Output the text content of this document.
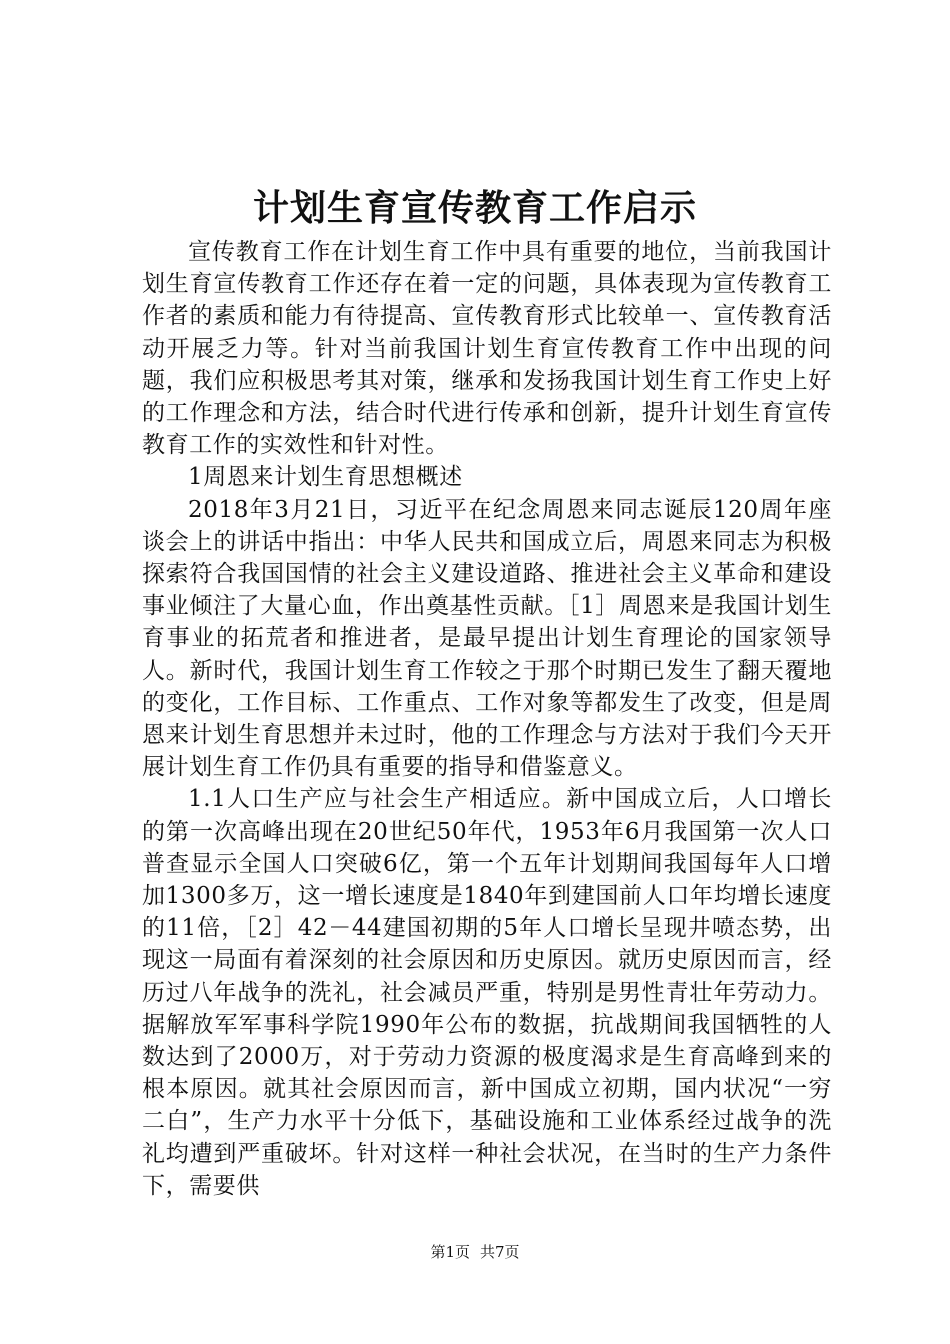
计划生育宣传教育工作启示

宣传教育工作在计划生育工作中具有重要的地位，当前我国计划生育宣传教育工作还存在着一定的问题，具体表现为宣传教育工作者的素质和能力有待提高、宣传教育形式比较单一、宣传教育活动开展乏力等。针对当前我国计划生育宣传教育工作中出现的问题，我们应积极思考其对策，继承和发扬我国计划生育工作史上好的工作理念和方法，结合时代进行传承和创新，提升计划生育宣传教育工作的实效性和针对性。

1周恩来计划生育思想概述

2018年3月21日，习近平在纪念周恩来同志诞辰120周年座谈会上的讲话中指出：中华人民共和国成立后，周恩来同志为积极探索符合我国国情的社会主义建设道路、推进社会主义革命和建设事业倾注了大量心血，作出奠基性贡献。［1］周恩来是我国计划生育事业的拓荒者和推进者，是最早提出计划生育理论的国家领导人。新时代，我国计划生育工作较之于那个时期已发生了翻天覆地的变化，工作目标、工作重点、工作对象等都发生了改变，但是周恩来计划生育思想并未过时，他的工作理念与方法对于我们今天开展计划生育工作仍具有重要的指导和借鉴意义。

1.1人口生产应与社会生产相适应。新中国成立后，人口增长的第一次高峰出现在20世纪50年代，1953年6月我国第一次人口普查显示全国人口突破6亿，第一个五年计划期间我国每年人口增加1300多万，这一增长速度是1840年到建国前人口年均增长速度的11倍，［2］42－44建国初期的5年人口增长呈现井喷态势，出现这一局面有着深刻的社会原因和历史原因。就历史原因而言，经历过八年战争的洗礼，社会减员严重，特别是男性青壮年劳动力。据解放军军事科学院1990年公布的数据，抗战期间我国牺牲的人数达到了2000万，对于劳动力资源的极度渴求是生育高峰到来的根本原因。就其社会原因而言，新中国成立初期，国内状况“一穷二白”，生产力水平十分低下，基础设施和工业体系经过战争的洗礼均遭到严重破坏。针对这样一种社会状况，在当时的生产力条件下，需要供

第1页 共7页
